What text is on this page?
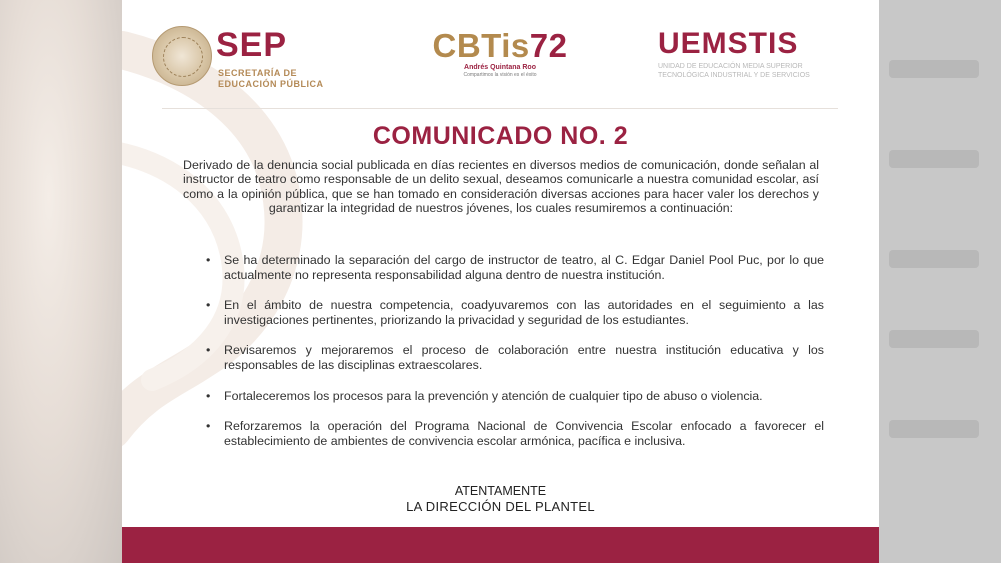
SEP
SECRETARÍA DE
EDUCACIÓN PÚBLICA
CBTis72
Andrés Quintana Roo
Compartimos la visión es el éxito
UEMSTIS
UNIDAD DE EDUCACIÓN MEDIA SUPERIOR
TECNOLÓGICA INDUSTRIAL Y DE SERVICIOS
COMUNICADO NO. 2
Derivado de la denuncia social publicada en días recientes en diversos medios de comunicación, donde señalan al instructor de teatro como responsable de un delito sexual, deseamos comunicarle a nuestra comunidad escolar, así como a la opinión pública, que se han tomado en consideración diversas acciones para hacer valer los derechos y garantizar la integridad de nuestros jóvenes, los cuales resumiremos a continuación:
• Se ha determinado la separación del cargo de instructor de teatro, al C. Edgar Daniel Pool Puc, por lo que actualmente no representa responsabilidad alguna dentro de nuestra institución.
• En el ámbito de nuestra competencia, coadyuvaremos con las autoridades en el seguimiento a las investigaciones pertinentes, priorizando la privacidad y seguridad de los estudiantes.
• Revisaremos y mejoraremos el proceso de colaboración entre nuestra institución educativa y los responsables de las disciplinas extraescolares.
• Fortaleceremos los procesos para la prevención y atención de cualquier tipo de abuso o violencia.
• Reforzaremos la operación del Programa Nacional de Convivencia Escolar enfocado a favorecer el establecimiento de ambientes de convivencia escolar armónica, pacífica e inclusiva.
ATENTAMENTE
LA DIRECCIÓN DEL PLANTEL
